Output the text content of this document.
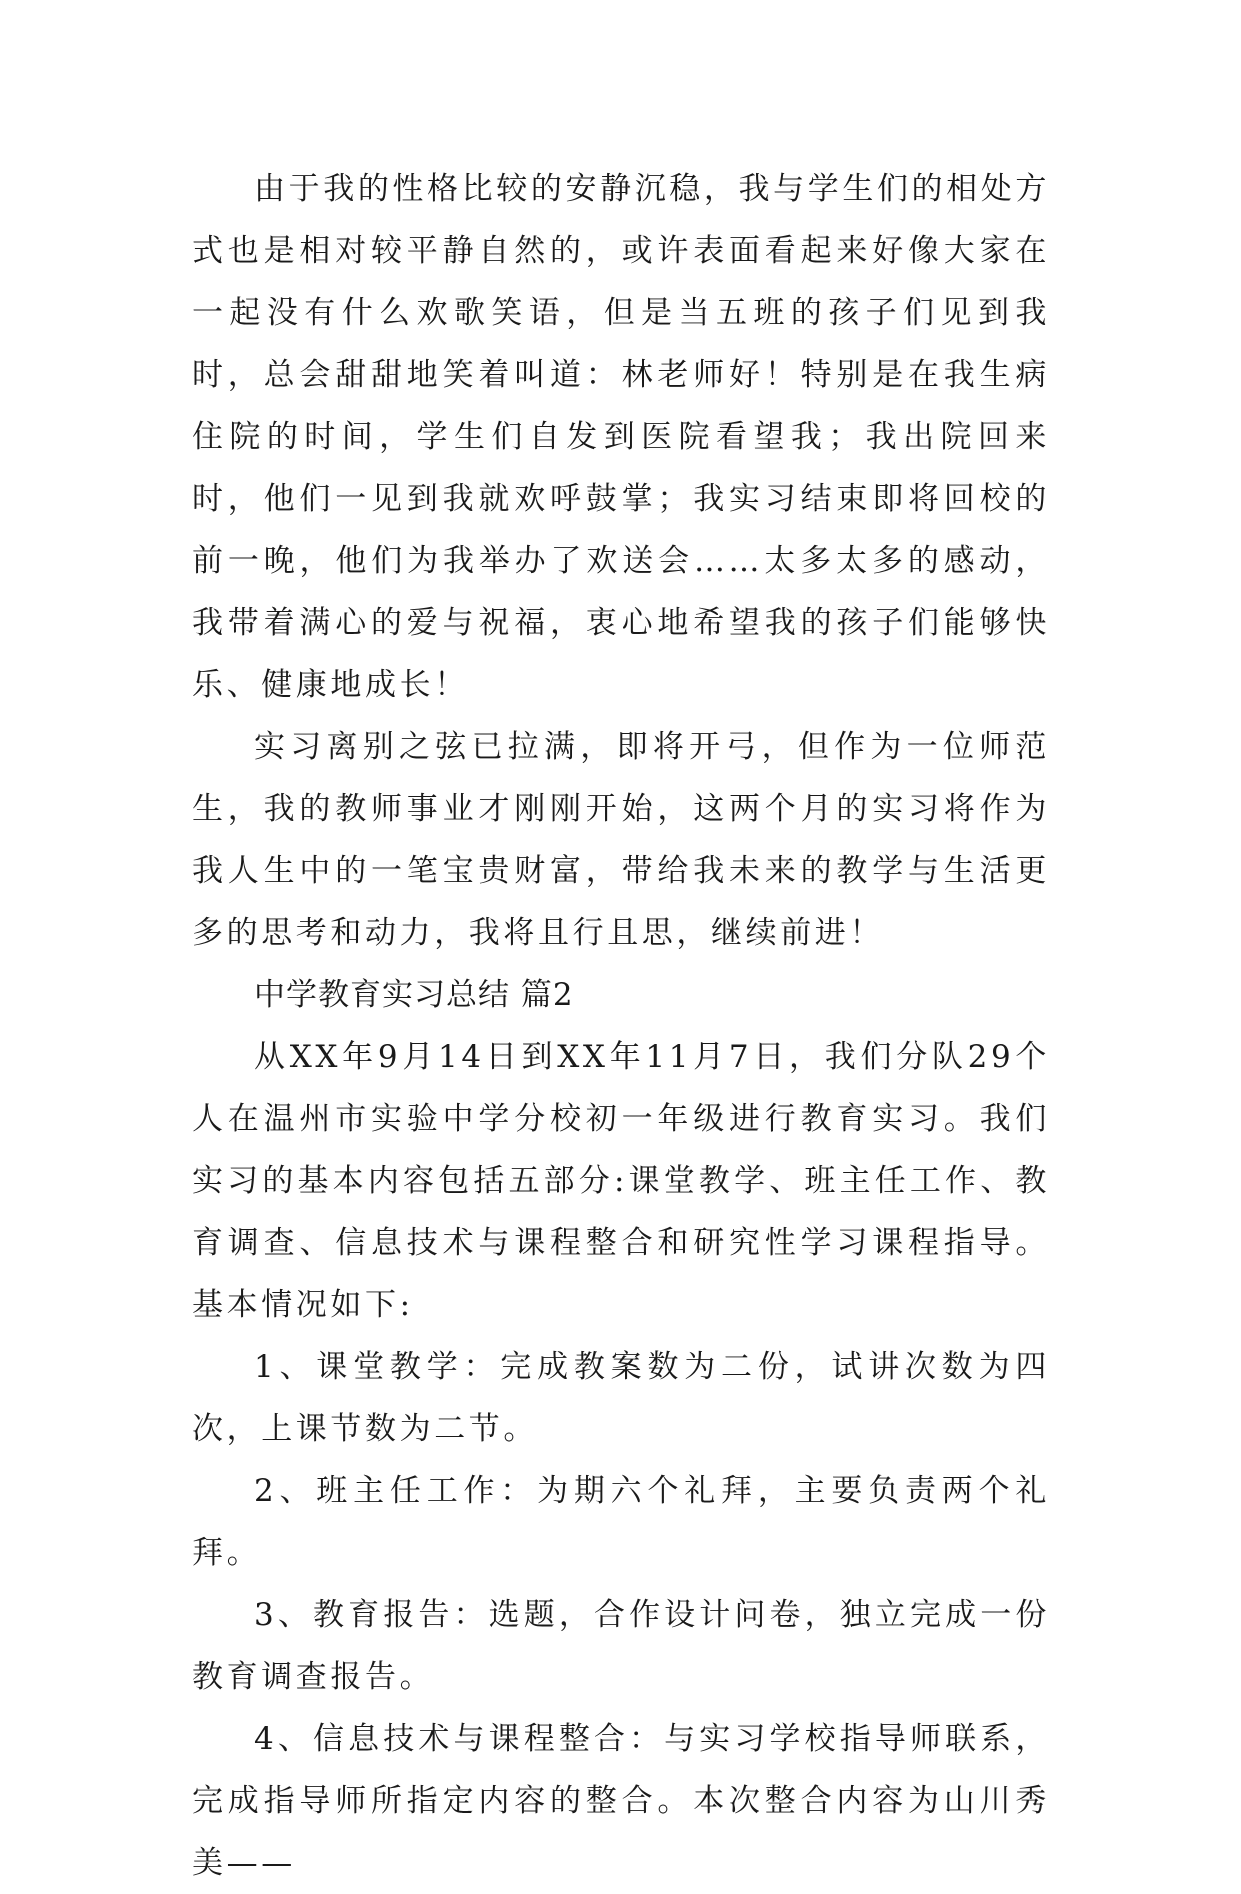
由于我的性格比较的安静沉稳，我与学生们的相处方式也是相对较平静自然的，或许表面看起来好像大家在一起没有什么欢歌笑语，但是当五班的孩子们见到我时，总会甜甜地笑着叫道：林老师好！特别是在我生病住院的时间，学生们自发到医院看望我；我出院回来时，他们一见到我就欢呼鼓掌；我实习结束即将回校的前一晚，他们为我举办了欢送会……太多太多的感动，我带着满心的爱与祝福，衷心地希望我的孩子们能够快乐、健康地成长！

实习离别之弦已拉满，即将开弓，但作为一位师范生，我的教师事业才刚刚开始，这两个月的实习将作为我人生中的一笔宝贵财富，带给我未来的教学与生活更多的思考和动力，我将且行且思，继续前进！

中学教育实习总结 篇2

从XX年9月14日到XX年11月7日，我们分队29个人在温州市实验中学分校初一年级进行教育实习。我们实习的基本内容包括五部分:课堂教学、班主任工作、教育调查、信息技术与课程整合和研究性学习课程指导。基本情况如下:

1、课堂教学：完成教案数为二份，试讲次数为四次，上课节数为二节。

2、班主任工作：为期六个礼拜，主要负责两个礼拜。

3、教育报告：选题，合作设计问卷，独立完成一份教育调查报告。

4、信息技术与课程整合：与实习学校指导师联系，完成指导师所指定内容的整合。本次整合内容为山川秀美——
